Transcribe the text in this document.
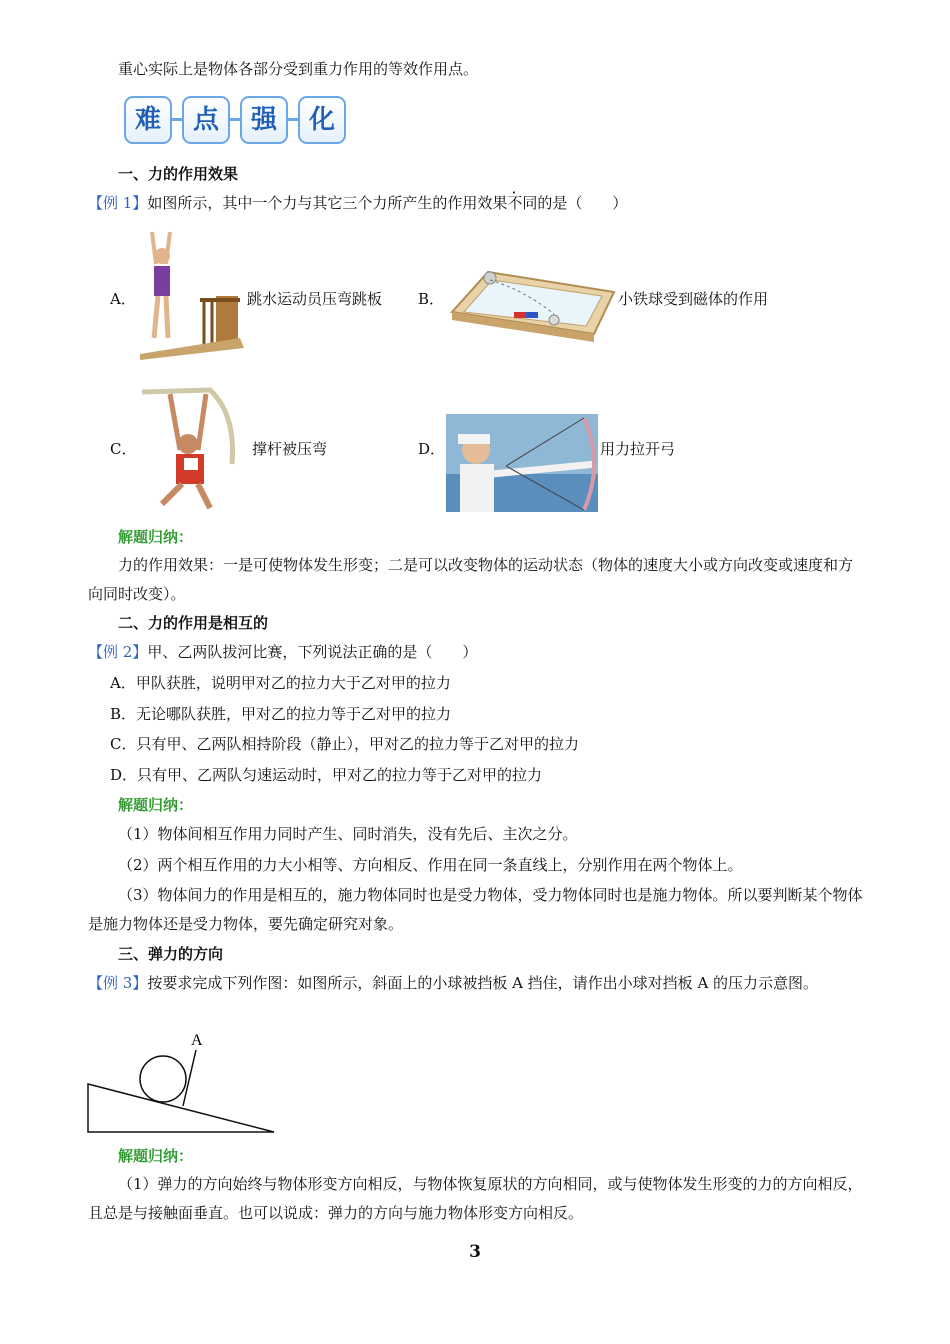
重心实际上是物体各部分受到重力作用的等效作用点。
难	点	强	化
一、力的作用效果
【例 1】如图所示，其中一个力与其它三个力所产生的作用效果不同的是（　　）
A．	跳水运动员压弯跳板 B．	小铁球受到磁体的作用
C．	撑杆被压弯	D．	用力拉开弓
解题归纳：
力的作用效果：一是可使物体发生形变；二是可以改变物体的运动状态（物体的速度大小或方向改变或速度和方向同时改变）。
二、力的作用是相互的
【例 2】甲、乙两队拔河比赛，下列说法正确的是（　　）
A．甲队获胜，说明甲对乙的拉力大于乙对甲的拉力
B．无论哪队获胜，甲对乙的拉力等于乙对甲的拉力
C．只有甲、乙两队相持阶段（静止），甲对乙的拉力等于乙对甲的拉力
D．只有甲、乙两队匀速运动时，甲对乙的拉力等于乙对甲的拉力
解题归纳：
（1）物体间相互作用力同时产生、同时消失，没有先后、主次之分。
（2）两个相互作用的力大小相等、方向相反、作用在同一条直线上，分别作用在两个物体上。
（3）物体间力的作用是相互的，施力物体同时也是受力物体，受力物体同时也是施力物体。所以要判断某个物体是施力物体还是受力物体，要先确定研究对象。
三、弹力的方向
【例 3】按要求完成下列作图：如图所示，斜面上的小球被挡板 A 挡住，请作出小球对挡板 A 的压力示意图。
A
解题归纳：
（1）弹力的方向始终与物体形变方向相反，与物体恢复原状的方向相同，或与使物体发生形变的力的方向相反，且总是与接触面垂直。也可以说成：弹力的方向与施力物体形变方向相反。
3
